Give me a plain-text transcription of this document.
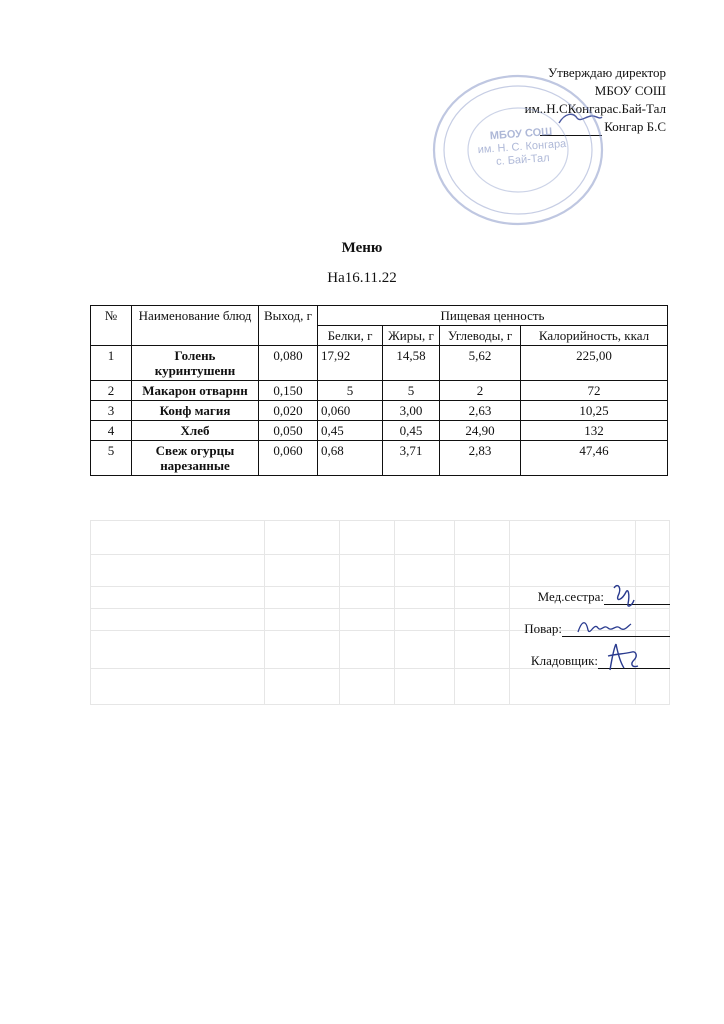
Утверждаю директор
МБОУ СОШ
им..Н.СКонгарас.Бай-Тал
Конгар Б.С
МБОУ СОШ
им. Н. С. Конгара
с. Бай-Тал
Меню
На16.11.22
№	Наименование блюд	Выход, г	Пищевая ценность			
			Белки, г	Жиры, г	Углеводы, г	Калорийность, ккал
1	Голень куринтушенн	0,080	17,92	14,58	5,62	225,00
2	Макарон отварнн	0,150	5	5	2	72
3	Конф магия	0,020	0,060	3,00	2,63	10,25
4	Хлеб	0,050	0,45	0,45	24,90	132
5	Свеж огурцы нарезанные	0,060	0,68	3,71	2,83	47,46
Мед.сестра:
Повар:
Кладовщик:
